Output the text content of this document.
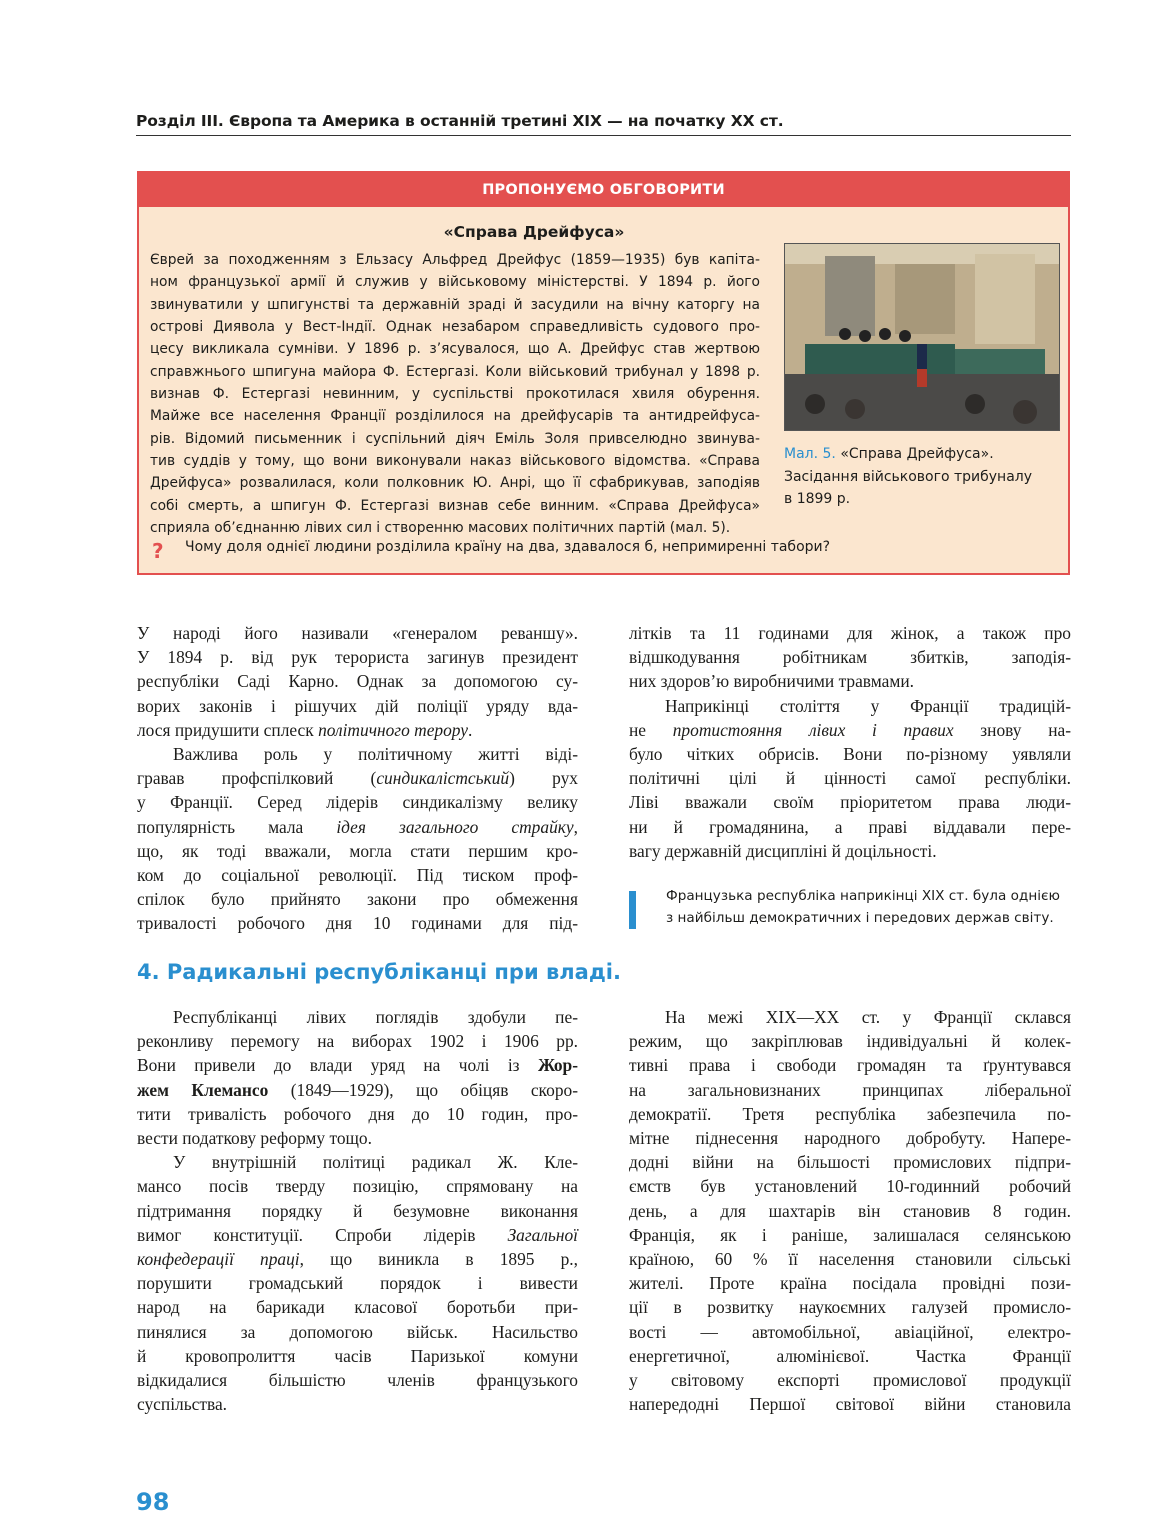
Розділ III. Європа та Америка в останній третині XIX — на початку XX ст.
ПРОПОНУЄМО ОБГОВОРИТИ
«Справа Дрейфуса»
Єврей за походженням з Ельзасу Альфред Дрейфус (1859—1935) був капіта-
ном французької армії й служив у військовому міністерстві. У 1894 р. його
звинуватили у шпигунстві та державній зраді й засудили на вічну каторгу на
острові Диявола у Вест-Індії. Однак незабаром справедливість судового про-
цесу викликала сумніви. У 1896 р. з’ясувалося, що А. Дрейфус став жертвою
справжнього шпигуна майора Ф. Естергазі. Коли військовий трибунал у 1898 р.
визнав Ф. Естергазі невинним, у суспільстві прокотилася хвиля обурення.
Майже все населення Франції розділилося на дрейфусарів та антидрейфуса-
рів. Відомий письменник і суспільний діяч Еміль Золя привселюдно звинува-
тив суддів у тому, що вони виконували наказ військового відомства. «Справа
Дрейфуса» розвалилася, коли полковник Ю. Анрі, що її сфабрикував, заподіяв
собі смерть, а шпигун Ф. Естергазі визнав себе винним. «Справа Дрейфуса»
сприяла об’єднанню лівих сил і створенню масових політичних партій (мал. 5).
Мал. 5. «Справа Дрейфуса».
Засідання військового трибуналу
в 1899 р.
? Чому доля однієї людини розділила країну на два, здавалося б, непримиренні табори?
У народі його називали «генералом реваншу».
У 1894 р. від рук терориста загинув президент
республіки Саді Карно. Однак за допомогою су-
ворих законів і рішучих дій поліції уряду вда-
лося придушити сплеск політичного терору.
Важлива роль у політичному житті віді-
гравав профспілковий (синдикалістський) рух
у Франції. Серед лідерів синдикалізму велику
популярність мала ідея загального страйку,
що, як тоді вважали, могла стати першим кро-
ком до соціальної революції. Під тиском проф-
спілок було прийнято закони про обмеження
тривалості робочого дня 10 годинами для під-
літків та 11 годинами для жінок, а також про
відшкодування робітникам збитків, заподія-
них здоров’ю виробничими травмами.
Наприкінці століття у Франції традицій-
не протистояння лівих і правих знову на-
було чітких обрисів. Вони по-різному уявляли
політичні цілі й цінності самої республіки.
Ліві вважали своїм пріоритетом права люди-
ни й громадянина, а праві віддавали пере-
вагу державній дисципліні й доцільності.
Французька республіка наприкінці XIX ст. була однією
з найбільш демократичних і передових держав світу.
4. Радикальні республіканці при владі.
Республіканці лівих поглядів здобули пе-
реконливу перемогу на виборах 1902 і 1906 рр.
Вони привели до влади уряд на чолі із Жор-
жем Клемансо (1849—1929), що обіцяв скоро-
тити тривалість робочого дня до 10 годин, про-
вести податкову реформу тощо.
У внутрішній політиці радикал Ж. Кле-
мансо посів тверду позицію, спрямовану на
підтримання порядку й безумовне виконання
вимог конституції. Спроби лідерів Загальної
конфедерації праці, що виникла в 1895 р.,
порушити громадський порядок і вивести
народ на барикади класової боротьби при-
пинялися за допомогою військ. Насильство
й кровопролиття часів Паризької комуни
відкидалися більшістю членів французького
суспільства.
На межі XIX—XX ст. у Франції склався
режим, що закріплював індивідуальні й колек-
тивні права і свободи громадян та ґрунтувався
на загальновизнаних принципах ліберальної
демократії. Третя республіка забезпечила по-
мітне піднесення народного добробуту. Напере-
додні війни на більшості промислових підпри-
ємств був установлений 10-годинний робочий
день, а для шахтарів він становив 8 годин.
Франція, як і раніше, залишалася селянською
країною, 60 % її населення становили сільські
жителі. Проте країна посідала провідні пози-
ції в розвитку наукоємних галузей промисло-
вості — автомобільної, авіаційної, електро-
енергетичної, алюмінієвої. Частка Франції
у світовому експорті промислової продукції
напередодні Першої світової війни становила
98
